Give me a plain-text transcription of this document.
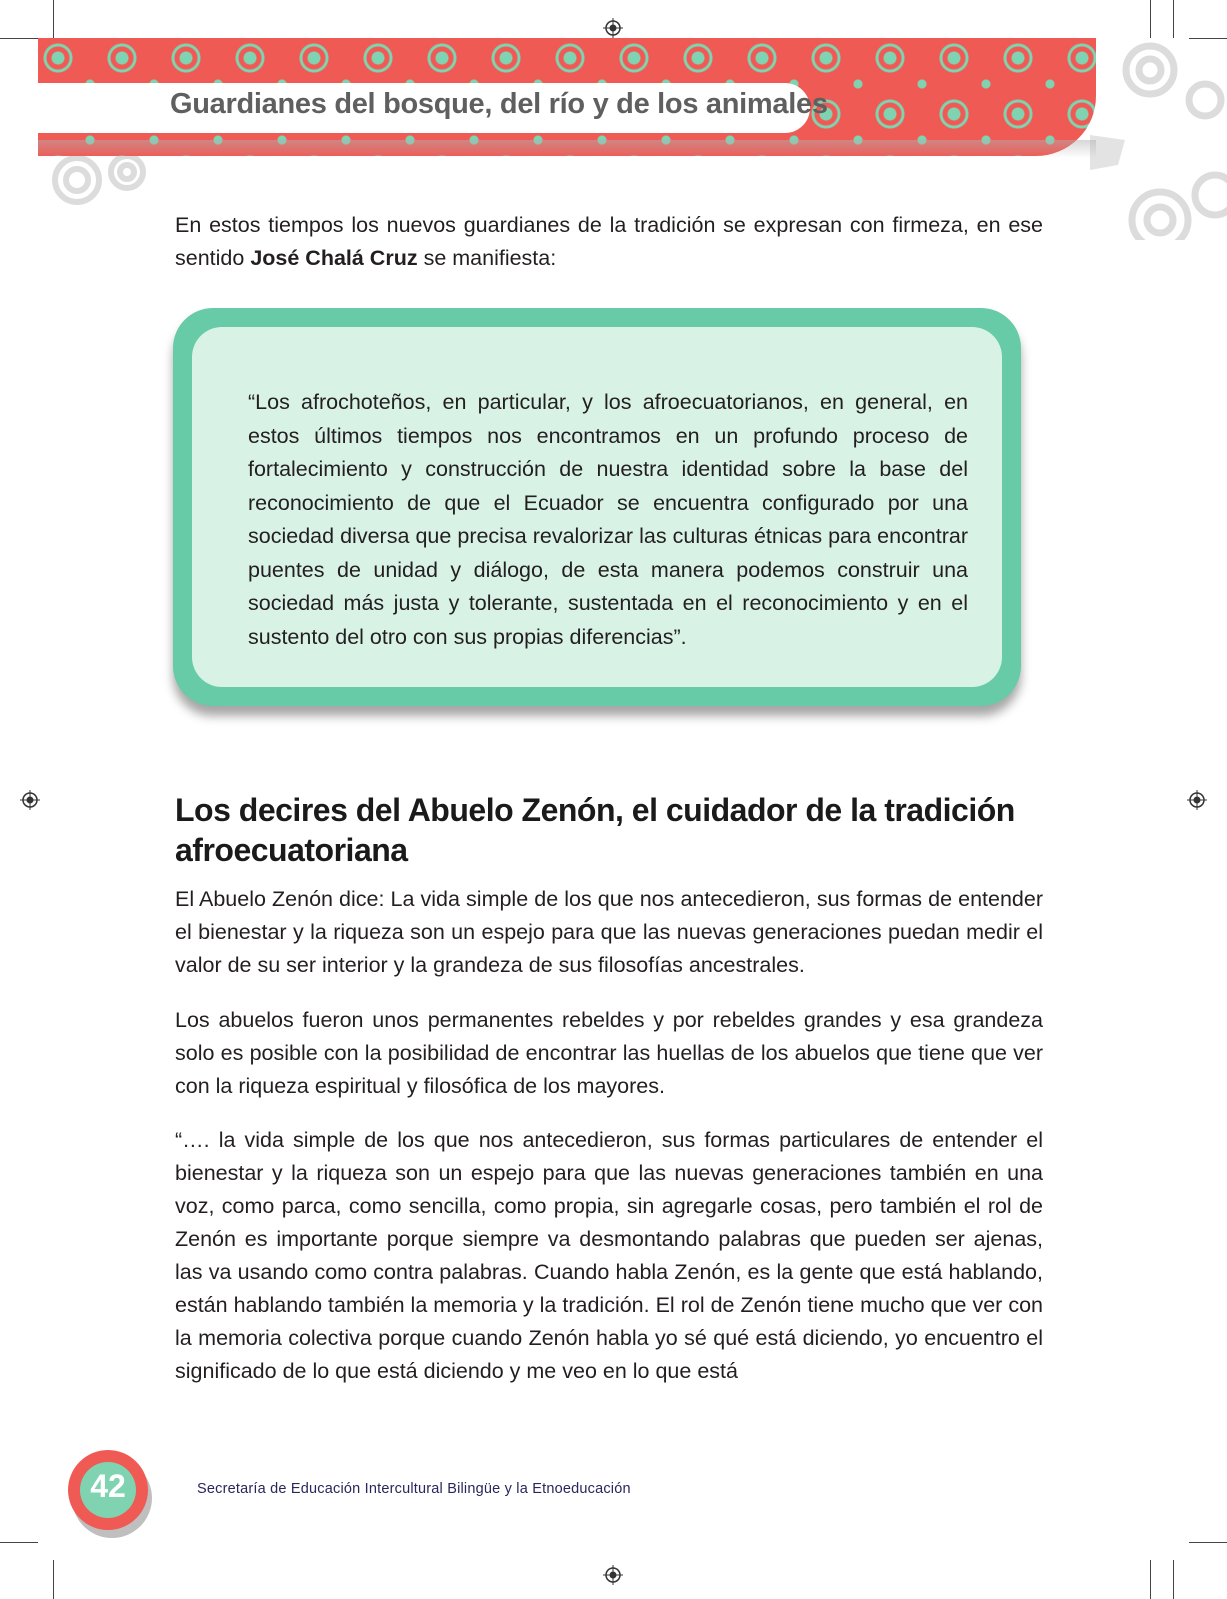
Guardianes del bosque, del río y de los animales
En estos tiempos los nuevos guardianes de la tradición se expresan con firmeza, en ese sentido José Chalá Cruz se manifiesta:
“Los afrochoteños, en particular, y los afroecuatorianos, en general, en estos últimos tiempos nos encontramos en un profundo proceso de fortalecimiento y construcción de nuestra identidad sobre la base del reconocimiento de que el Ecuador se encuentra configurado por una sociedad diversa que precisa revalorizar las culturas étnicas para encontrar puentes de unidad y diálogo, de esta manera podemos construir una sociedad más justa y tolerante, sustentada en el reconocimiento y en el sustento del otro con sus propias diferencias”.
Los decires del Abuelo Zenón, el cuidador de la tradición afroecuatoriana
El Abuelo Zenón dice: La vida simple de los que nos antecedieron, sus formas de entender el bienestar y la riqueza son un espejo para que las nuevas generaciones puedan medir el valor de su ser interior y la grandeza de sus filosofías ancestrales.
Los abuelos fueron unos permanentes rebeldes y por rebeldes grandes y esa grandeza solo es posible con la posibilidad de encontrar las huellas de los abuelos que tiene que ver con la riqueza espiritual y filosófica de los mayores.
“…. la vida simple de los que nos antecedieron, sus formas particulares de entender el bienestar y la riqueza son un espejo para que las nuevas generaciones también en una voz, como parca, como sencilla, como propia, sin agregarle cosas, pero también el rol de Zenón es importante porque siempre va desmontando palabras que pueden ser ajenas, las va usando como contra palabras. Cuando habla Zenón, es la gente que está hablando, están hablando también la memoria y la tradición. El rol de Zenón tiene mucho que ver con la memoria colectiva porque cuando Zenón habla yo sé qué está diciendo, yo encuentro el significado de lo que está diciendo y me veo en lo que está
42	Secretaría de Educación Intercultural Bilingüe y la Etnoeducación
